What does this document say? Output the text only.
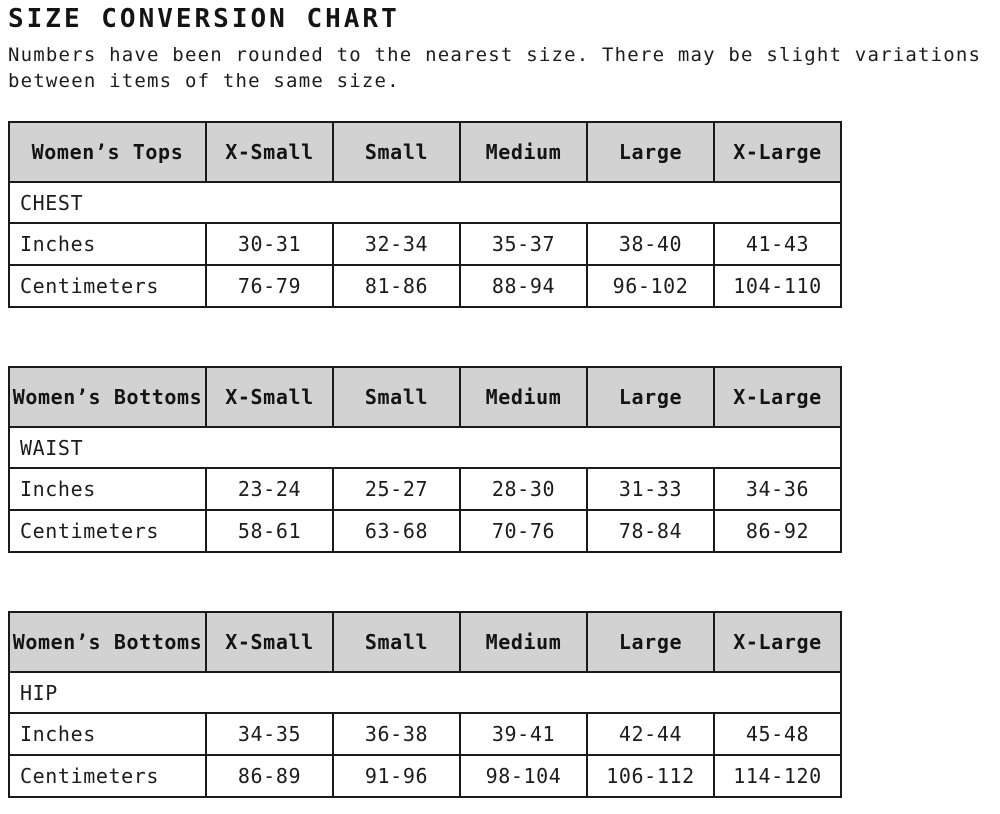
SIZE CONVERSION CHART
Numbers have been rounded to the nearest size. There may be slight variations
between items of the same size.
Women’s Tops	X-Small	Small	Medium	Large	X-Large
CHEST					
Inches	30-31	32-34	35-37	38-40	41-43
Centimeters	76-79	81-86	88-94	96-102	104-110
Women’s Bottoms	X-Small	Small	Medium	Large	X-Large
WAIST					
Inches	23-24	25-27	28-30	31-33	34-36
Centimeters	58-61	63-68	70-76	78-84	86-92
Women’s Bottoms	X-Small	Small	Medium	Large	X-Large
HIP					
Inches	34-35	36-38	39-41	42-44	45-48
Centimeters	86-89	91-96	98-104	106-112	114-120
